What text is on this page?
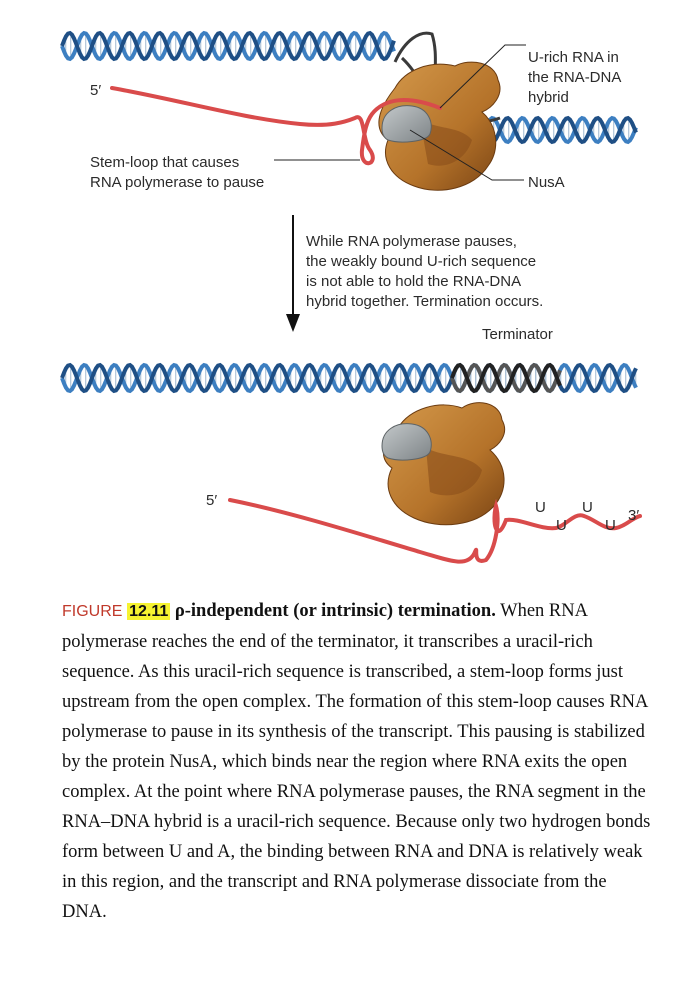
5′
U-rich RNA in
the RNA-DNA
hybrid
Stem-loop that causes
RNA polymerase to pause	NusA
While RNA polymerase pauses,
the weakly bound U-rich sequence
is not able to hold the RNA-DNA
hybrid together. Termination occurs.
Terminator
5′	U
U
U
U
3′
FIGURE 12.11 ρ-independent (or intrinsic) termination. When RNA polymerase reaches the end of the terminator, it transcribes a uracil-rich sequence. As this uracil-rich sequence is transcribed, a stem-loop forms just upstream from the open complex. The formation of this stem-loop causes RNA polymerase to pause in its synthesis of the transcript. This pausing is stabilized by the protein NusA, which binds near the region where RNA exits the open complex. At the point where RNA polymerase pauses, the RNA segment in the RNA–DNA hybrid is a uracil-rich sequence. Because only two hydrogen bonds form between U and A, the binding between RNA and DNA is relatively weak in this region, and the transcript and RNA polymerase dissociate from the DNA.
